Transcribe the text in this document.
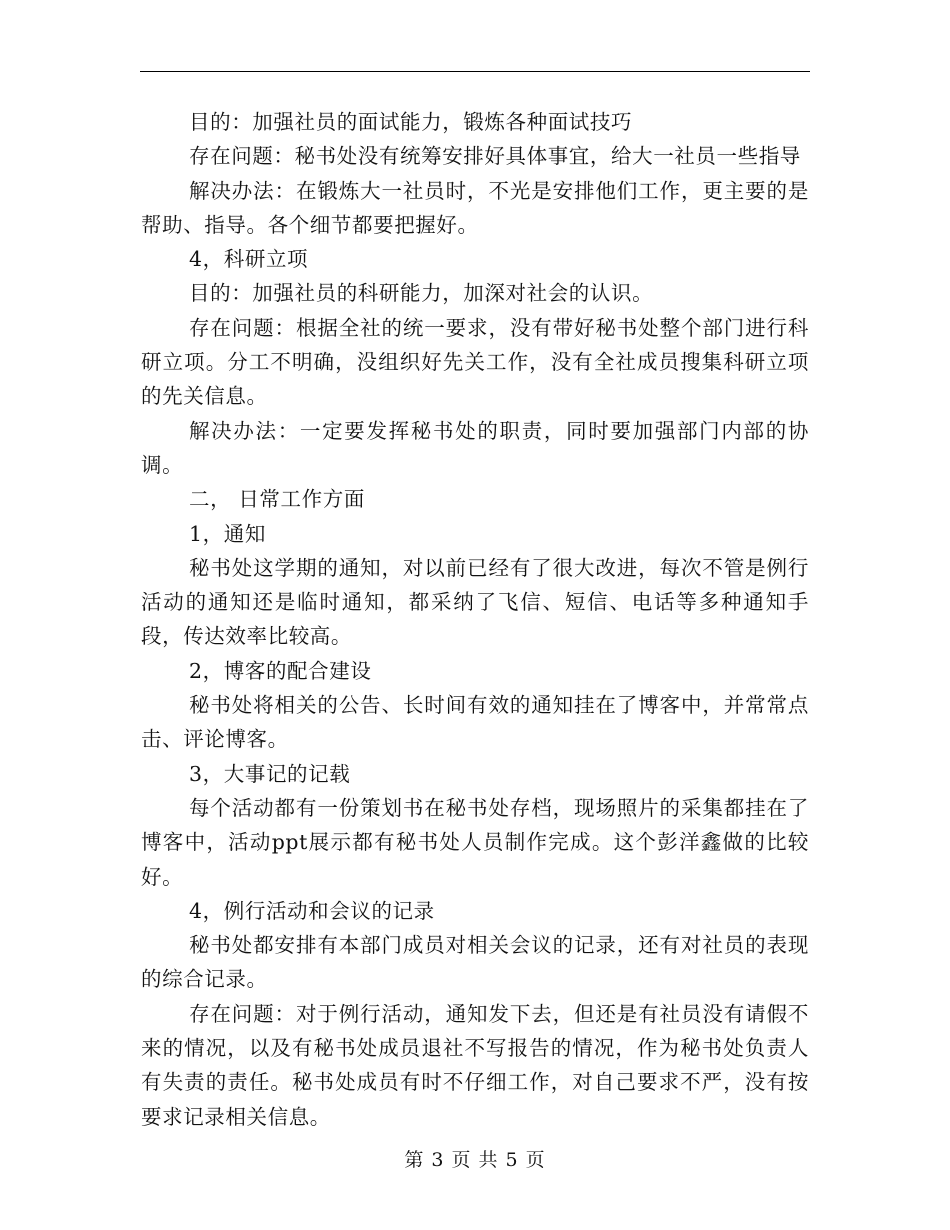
目的：加强社员的面试能力，锻炼各种面试技巧

存在问题：秘书处没有统筹安排好具体事宜，给大一社员一些指导

解决办法：在锻炼大一社员时，不光是安排他们工作，更主要的是帮助、指导。各个细节都要把握好。

4，科研立项

目的：加强社员的科研能力，加深对社会的认识。

存在问题：根据全社的统一要求，没有带好秘书处整个部门进行科研立项。分工不明确，没组织好先关工作，没有全社成员搜集科研立项的先关信息。

解决办法：一定要发挥秘书处的职责，同时要加强部门内部的协调。

二， 日常工作方面

1，通知

秘书处这学期的通知，对以前已经有了很大改进，每次不管是例行活动的通知还是临时通知，都采纳了飞信、短信、电话等多种通知手段，传达效率比较高。

2，博客的配合建设

秘书处将相关的公告、长时间有效的通知挂在了博客中，并常常点击、评论博客。

3，大事记的记载

每个活动都有一份策划书在秘书处存档，现场照片的采集都挂在了博客中，活动ppt展示都有秘书处人员制作完成。这个彭洋鑫做的比较好。

4，例行活动和会议的记录

秘书处都安排有本部门成员对相关会议的记录，还有对社员的表现的综合记录。

存在问题：对于例行活动，通知发下去，但还是有社员没有请假不来的情况，以及有秘书处成员退社不写报告的情况，作为秘书处负责人有失责的责任。秘书处成员有时不仔细工作，对自己要求不严，没有按要求记录相关信息。

第 3 页 共 5 页
